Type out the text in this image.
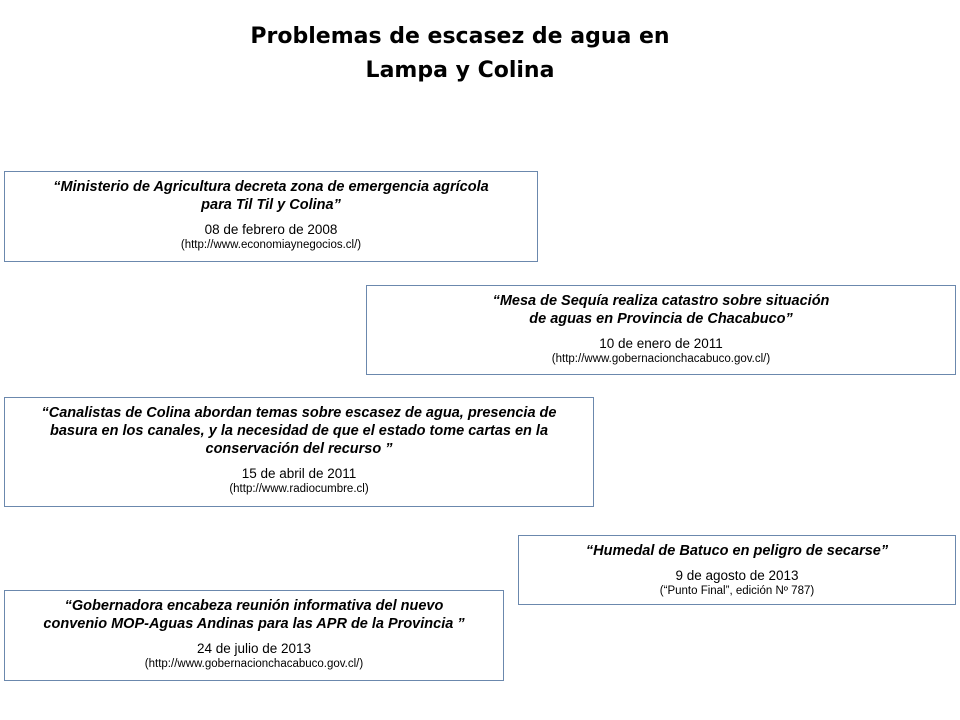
Problemas de escasez de agua en
Lampa y Colina
“Ministerio de Agricultura decreta zona de emergencia agrícola
para Til Til y Colina”
08 de febrero de 2008
(http://www.economiaynegocios.cl/)
“Mesa de Sequía realiza catastro sobre situación
de aguas en Provincia de Chacabuco”
10 de enero de 2011
(http://www.gobernacionchacabuco.gov.cl/)
“Canalistas de Colina abordan temas sobre escasez de agua, presencia de
basura en los canales, y la necesidad de que el estado tome cartas en la
conservación del recurso ”
15 de abril de 2011
(http://www.radiocumbre.cl)
“Humedal de Batuco en peligro de secarse”
9 de agosto de 2013
(“Punto Final”, edición Nº 787)
“Gobernadora encabeza reunión informativa del nuevo
convenio MOP-Aguas Andinas para las APR de la Provincia ”
24 de julio de 2013
(http://www.gobernacionchacabuco.gov.cl/)
